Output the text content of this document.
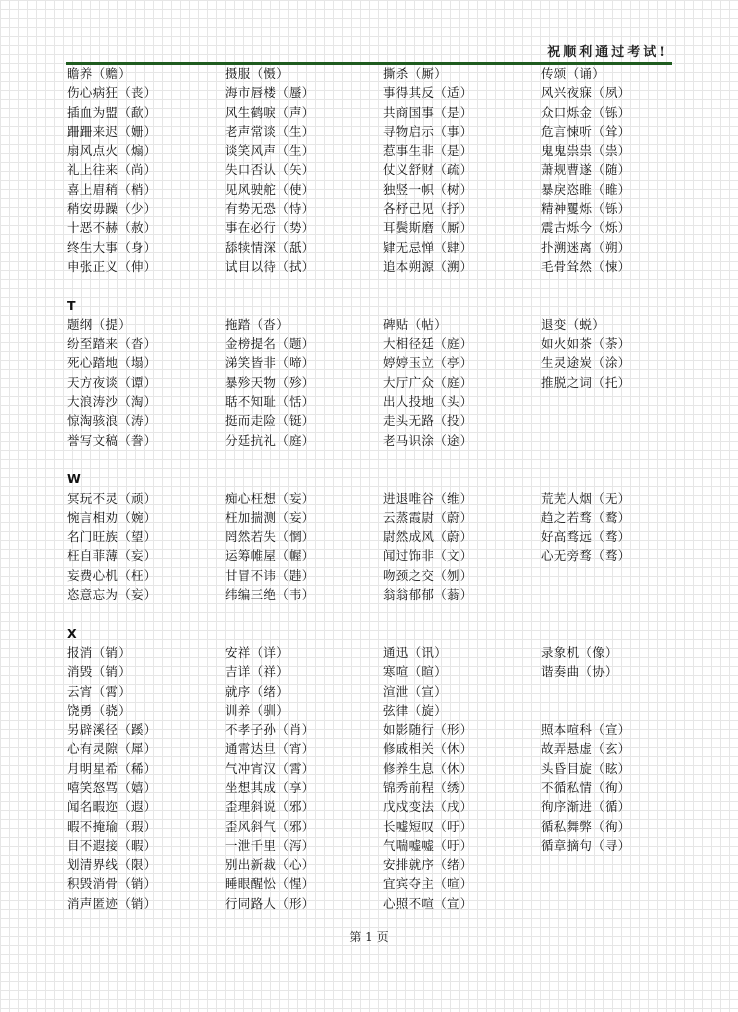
祝顺利通过考试!
瞻养（赡）	摄服（慑）	撕杀（厮）	传颂（诵）
伤心病狂（丧）	海市唇楼（蜃）	事得其反（适）	风兴夜寐（夙）
插血为盟（歃）	风生鹤唳（声）	共商国事（是）	众口烁金（铄）
跚跚来迟（姗）	老声常谈（生）	寻物启示（事）	危言悚听（耸）
扇风点火（煽）	谈笑风声（生）	惹事生非（是）	鬼鬼祟祟（祟）
礼上往来（尚）	失口否认（矢）	仗义舒财（疏）	萧规曹遂（随）
喜上眉稍（梢）	见风驶舵（使）	独竖一帜（树）	暴戾恣睢（睢）
稍安毋躁（少）	有势无恐（恃）	各杼己见（抒）	精神矍烁（铄）
十恶不赫（赦）	事在必行（势）	耳鬓斯磨（厮）	震古烁今（烁）
终生大事（身）	舔犊情深（舐）	肄无忌惮（肆）	扑溯迷离（朔）
申张正义（伸）	试目以待（拭）	追本朔源（溯）	毛骨耸然（悚）
T
题纲（提）	拖踏（沓）	碑贴（帖）	退变（蜕）
纷至踏来（沓）	金榜提名（题）	大相径廷（庭）	如火如茶（荼）
死心踏地（塌）	涕笑皆非（啼）	婷婷玉立（亭）	生灵途炭（涂）
天方夜谈（谭）	暴殄天物（殄）	大厅广众（庭）	推脱之词（托）
大浪涛沙（淘）	聒不知耻（恬）	出人投地（头）
惊淘骇浪（涛）	挺而走险（铤）	走头无路（投）
誉写文稿（誊）	分廷抗礼（庭）	老马识涂（途）
W
冥玩不灵（顽）	痴心枉想（妄）	进退唯谷（维）	荒芜人烟（无）
惋言相劝（婉）	枉加揣测（妄）	云蒸霞尉（蔚）	趋之若骛（鹜）
名门旺族（望）	罔然若失（惘）	尉然成风（蔚）	好高骛远（骛）
枉自菲薄（妄）	运筹帷屋（幄）	闻过饰非（文）	心无旁骛（骛）
妄费心机（枉）	甘冒不讳（韪）	吻颈之交（刎）
恣意忘为（妄）	纬编三绝（韦）	翁翁郁郁（蓊）
X
报消（销）	安祥（详）	通迅（讯）	录象机（像）
消毁（销）	吉详（祥）	寒喧（暄）	谐奏曲（协）
云宵（霄）	就序（绪）	渲泄（宣）
饶勇（骁）	训养（驯）	弦律（旋）
另辟溪径（蹊）	不孝子孙（肖）	如影随行（形）	照本喧科（宣）
心有灵隙（犀）	通霄达旦（宵）	修戚相关（休）	故弄悬虚（玄）
月明星希（稀）	气冲宵汉（霄）	修养生息（休）	头昏目旋（眩）
嘻笑怒骂（嬉）	坐想其成（享）	锦秀前程（绣）	不循私情（徇）
闻名暇迩（遐）	歪理斜说（邪）	戊戍变法（戌）	徇序渐进（循）
暇不掩瑜（瑕）	歪风斜气（邪）	长嘘短叹（吁）	循私舞弊（徇）
目不遐接（暇）	一泄千里（泻）	气喘嘘嘘（吁）	循章摘句（寻）
划清界线（限）	别出新裁（心）	安排就序（绪）
积毁消骨（销）	睡眼醒忪（惺）	宜宾夺主（喧）
消声匿迹（销）	行同路人（形）	心照不喧（宣）
第 1 页
